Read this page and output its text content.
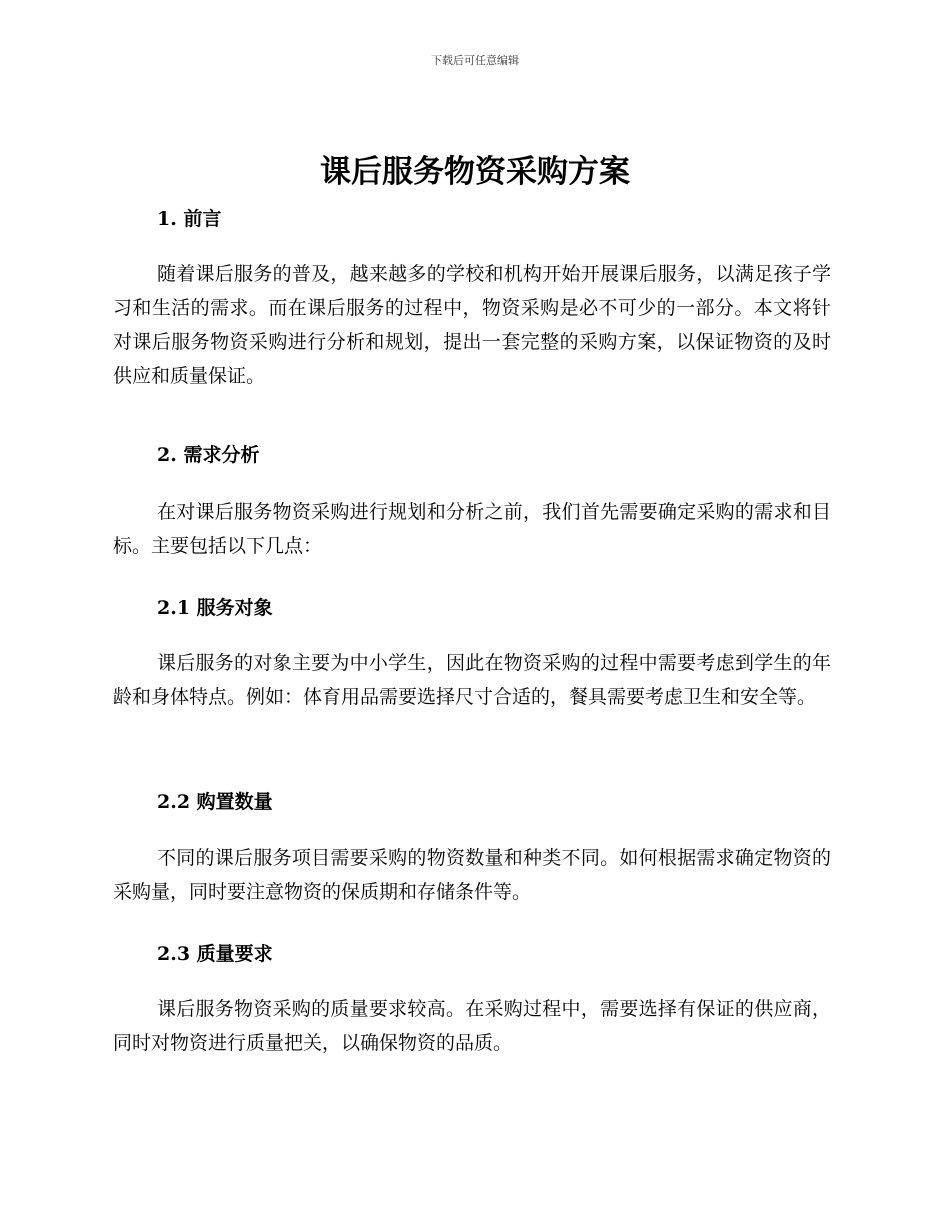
下载后可任意编辑
课后服务物资采购方案
1. 前言

随着课后服务的普及，越来越多的学校和机构开始开展课后服务，以满足孩子学习和生活的需求。而在课后服务的过程中，物资采购是必不可少的一部分。本文将针对课后服务物资采购进行分析和规划，提出一套完整的采购方案，以保证物资的及时供应和质量保证。

2. 需求分析

在对课后服务物资采购进行规划和分析之前，我们首先需要确定采购的需求和目标。主要包括以下几点：

2.1 服务对象

课后服务的对象主要为中小学生，因此在物资采购的过程中需要考虑到学生的年龄和身体特点。例如：体育用品需要选择尺寸合适的，餐具需要考虑卫生和安全等。

2.2 购置数量

不同的课后服务项目需要采购的物资数量和种类不同。如何根据需求确定物资的采购量，同时要注意物资的保质期和存储条件等。

2.3 质量要求

课后服务物资采购的质量要求较高。在采购过程中，需要选择有保证的供应商，同时对物资进行质量把关，以确保物资的品质。
